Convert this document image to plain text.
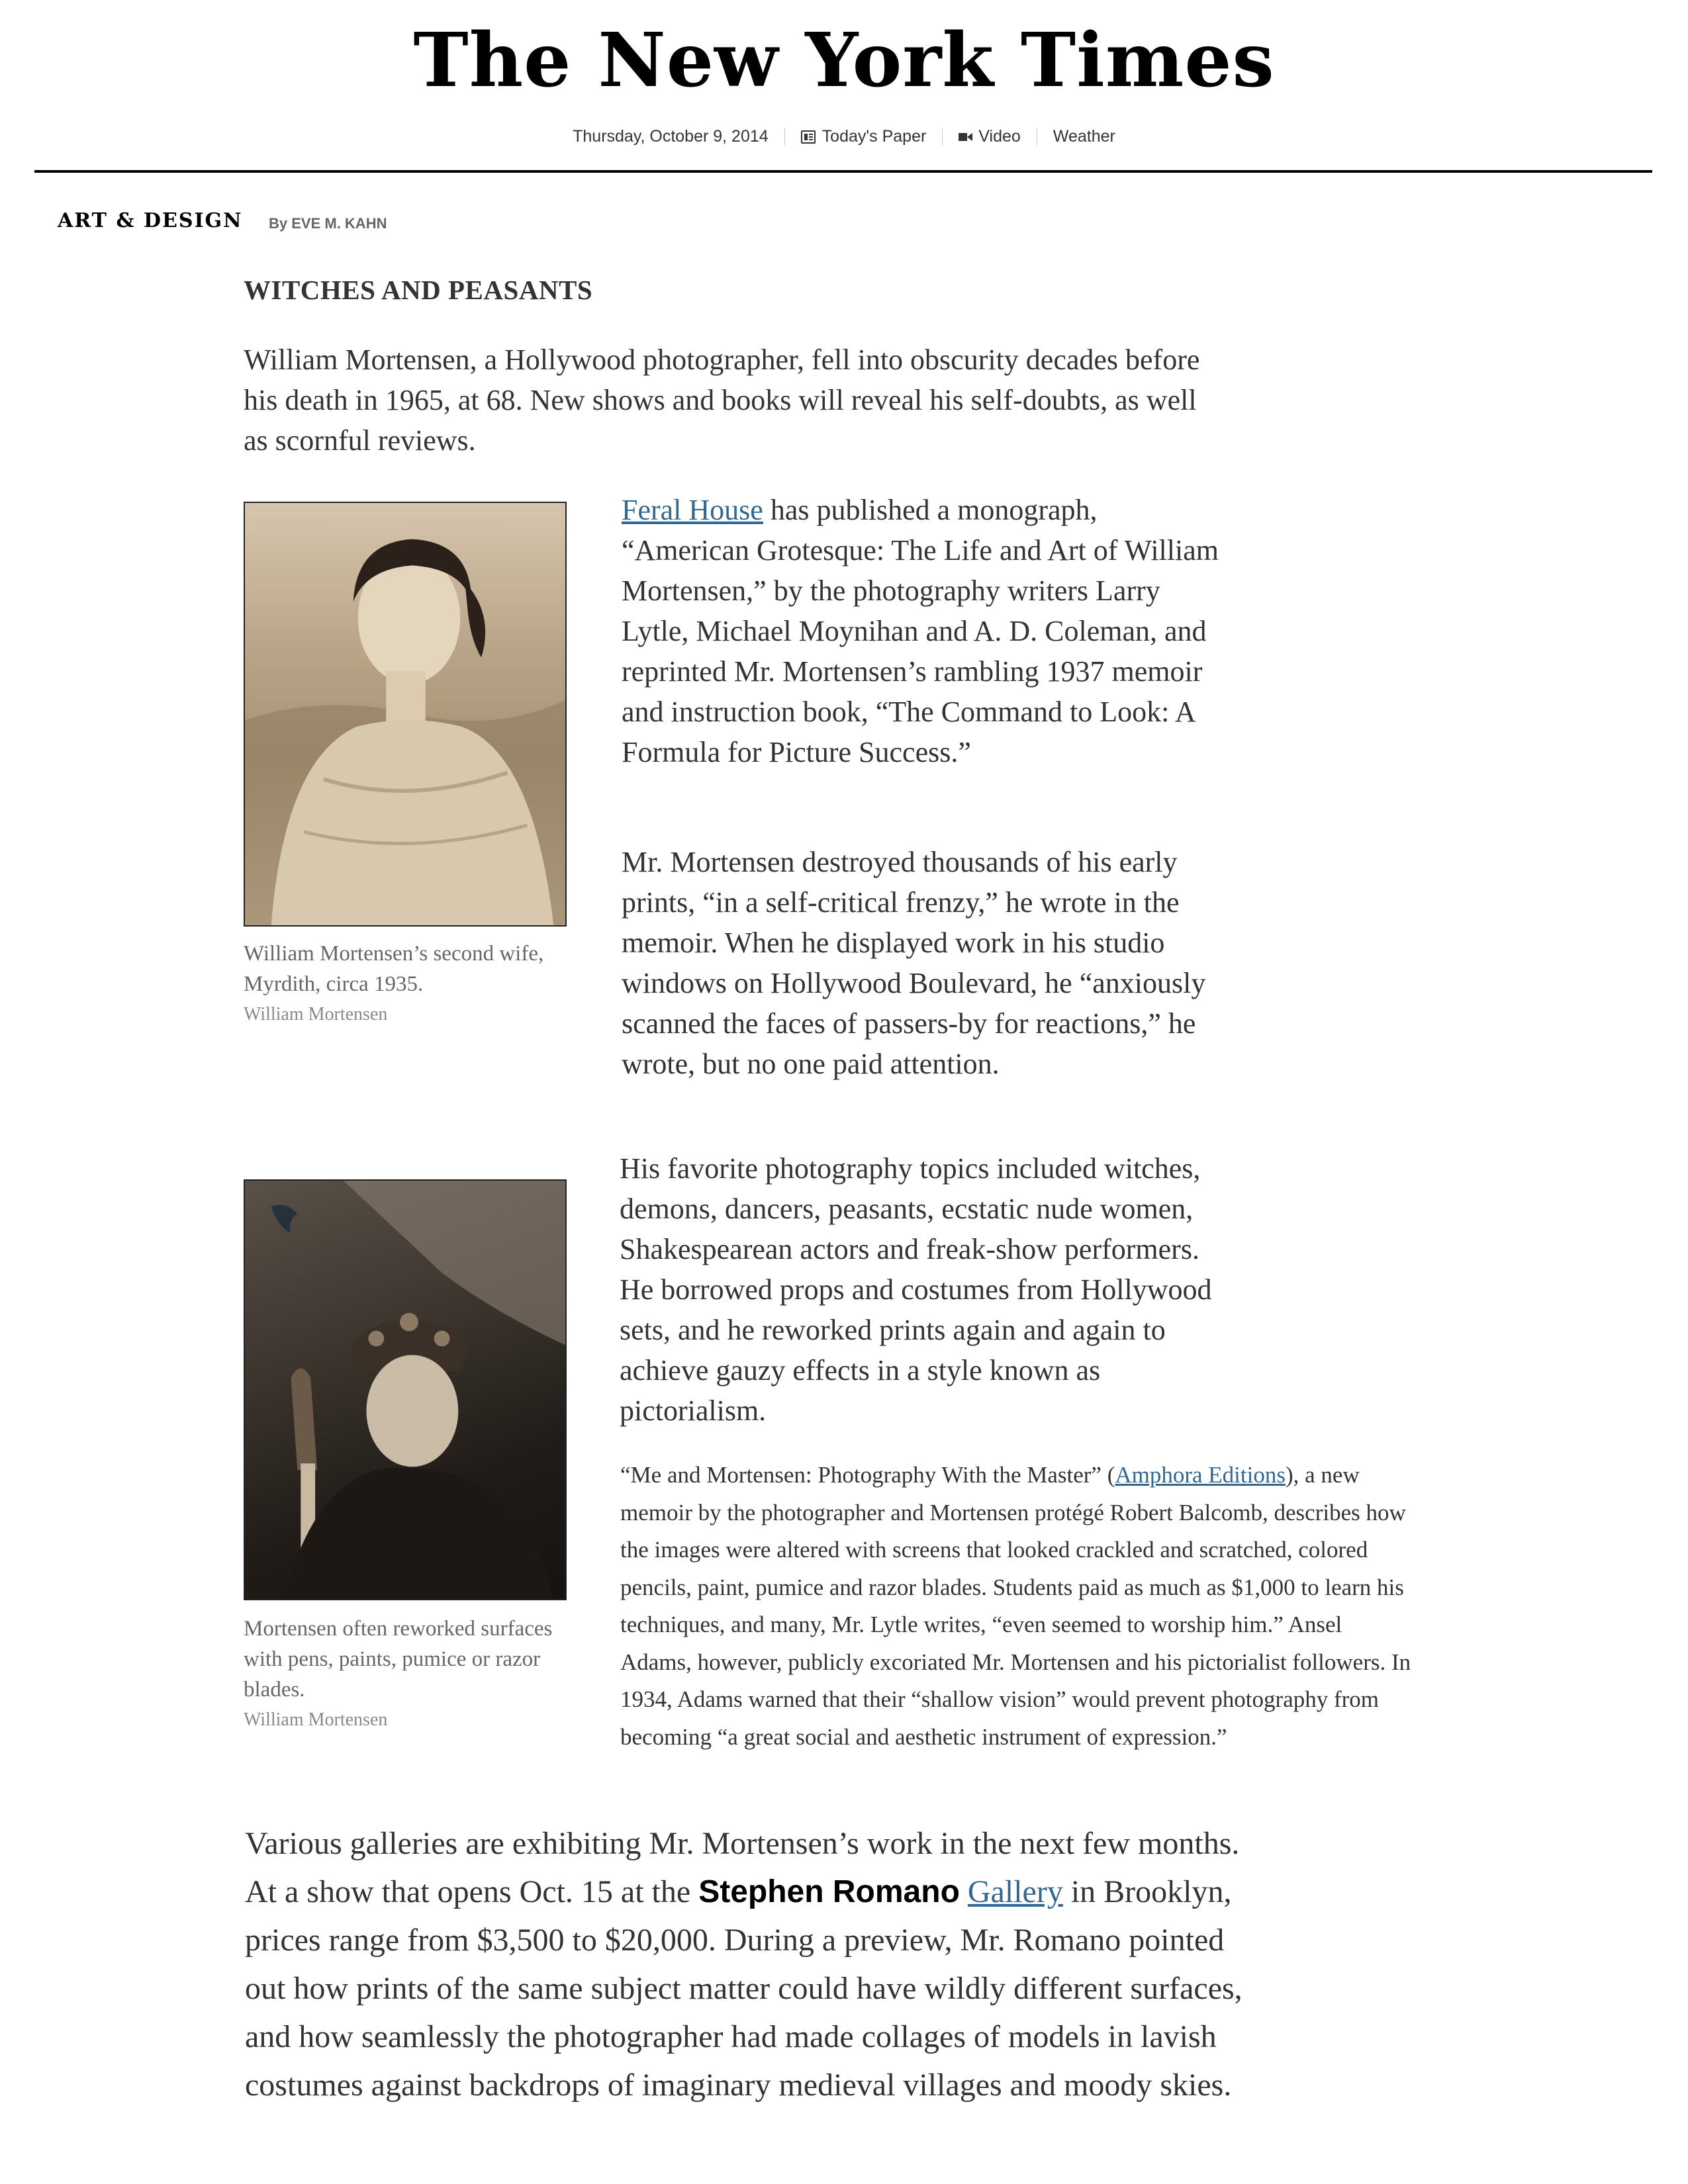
The New York Times
Thursday, October 9, 2014	Today's Paper	Video Weather
ART & DESIGN By EVE M. KAHN
WITCHES AND PEASANTS
William Mortensen, a Hollywood photographer, fell into obscurity decades before his death in 1965, at 68. New shows and books will reveal his self-doubts, as well as scornful reviews.
William Mortensen’s second wife, Myrdith, circa 1935.
William Mortensen
Mortensen often reworked surfaces with pens, paints, pumice or razor blades.
William Mortensen
Feral House has published a monograph, “American Grotesque: The Life and Art of William Mortensen,” by the photography writers Larry Lytle, Michael Moynihan and A. D. Coleman, and reprinted Mr. Mortensen’s rambling 1937 memoir and instruction book, “The Command to Look: A Formula for Picture Success.”
Mr. Mortensen destroyed thousands of his early prints, “in a self-critical frenzy,” he wrote in the memoir. When he displayed work in his studio windows on Hollywood Boulevard, he “anxiously scanned the faces of passers-by for reactions,” he wrote, but no one paid attention.
His favorite photography topics included witches, demons, dancers, peasants, ecstatic nude women, Shakespearean actors and freak-show performers. He borrowed props and costumes from Hollywood sets, and he reworked prints again and again to achieve gauzy effects in a style known as pictorialism.
“Me and Mortensen: Photography With the Master” (Amphora Editions), a new memoir by the photographer and Mortensen protégé Robert Balcomb, describes how the images were altered with screens that looked crackled and scratched, colored pencils, paint, pumice and razor blades. Students paid as much as $1,000 to learn his techniques, and many, Mr. Lytle writes, “even seemed to worship him.” Ansel Adams, however, publicly excoriated Mr. Mortensen and his pictorialist followers. In 1934, Adams warned that their “shallow vision” would prevent photography from becoming “a great social and aesthetic instrument of expression.”
Various galleries are exhibiting Mr. Mortensen’s work in the next few months. At a show that opens Oct. 15 at the Stephen Romano Gallery in Brooklyn, prices range from $3,500 to $20,000. During a preview, Mr. Romano pointed out how prints of the same subject matter could have wildly different surfaces, and how seamlessly the photographer had made collages of models in lavish costumes against backdrops of imaginary medieval villages and moody skies.
